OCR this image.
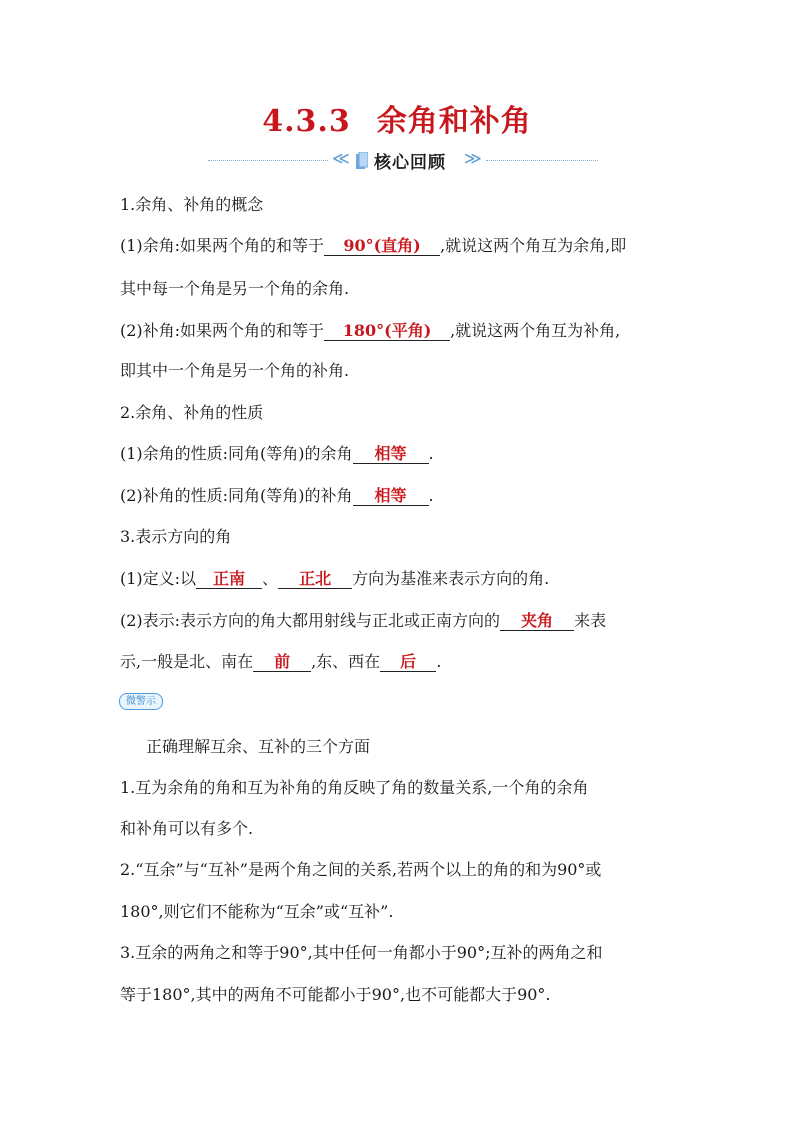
4.3.3 余角和补角
≪ 核心回顾 ≫
1.余角、补角的概念
(1)余角:如果两个角的和等于 90°(直角) ,就说这两个角互为余角,即
其中每一个角是另一个角的余角.
(2)补角:如果两个角的和等于 180°(平角) ,就说这两个角互为补角,
即其中一个角是另一个角的补角.
2.余角、补角的性质
(1)余角的性质:同角(等角)的余角 相等 .
(2)补角的性质:同角(等角)的补角 相等 .
3.表示方向的角
(1)定义:以 正南 、 正北 方向为基准来表示方向的角.
(2)表示:表示方向的角大都用射线与正北或正南方向的 夹角 来表
示,一般是北、南在 前 ,东、西在 后 .
微警示
正确理解互余、互补的三个方面
1.互为余角的角和互为补角的角反映了角的数量关系,一个角的余角
和补角可以有多个.
2.“互余”与“互补”是两个角之间的关系,若两个以上的角的和为90°或
180°,则它们不能称为“互余”或“互补”.
3.互余的两角之和等于90°,其中任何一角都小于90°;互补的两角之和
等于180°,其中的两角不可能都小于90°,也不可能都大于90°.
